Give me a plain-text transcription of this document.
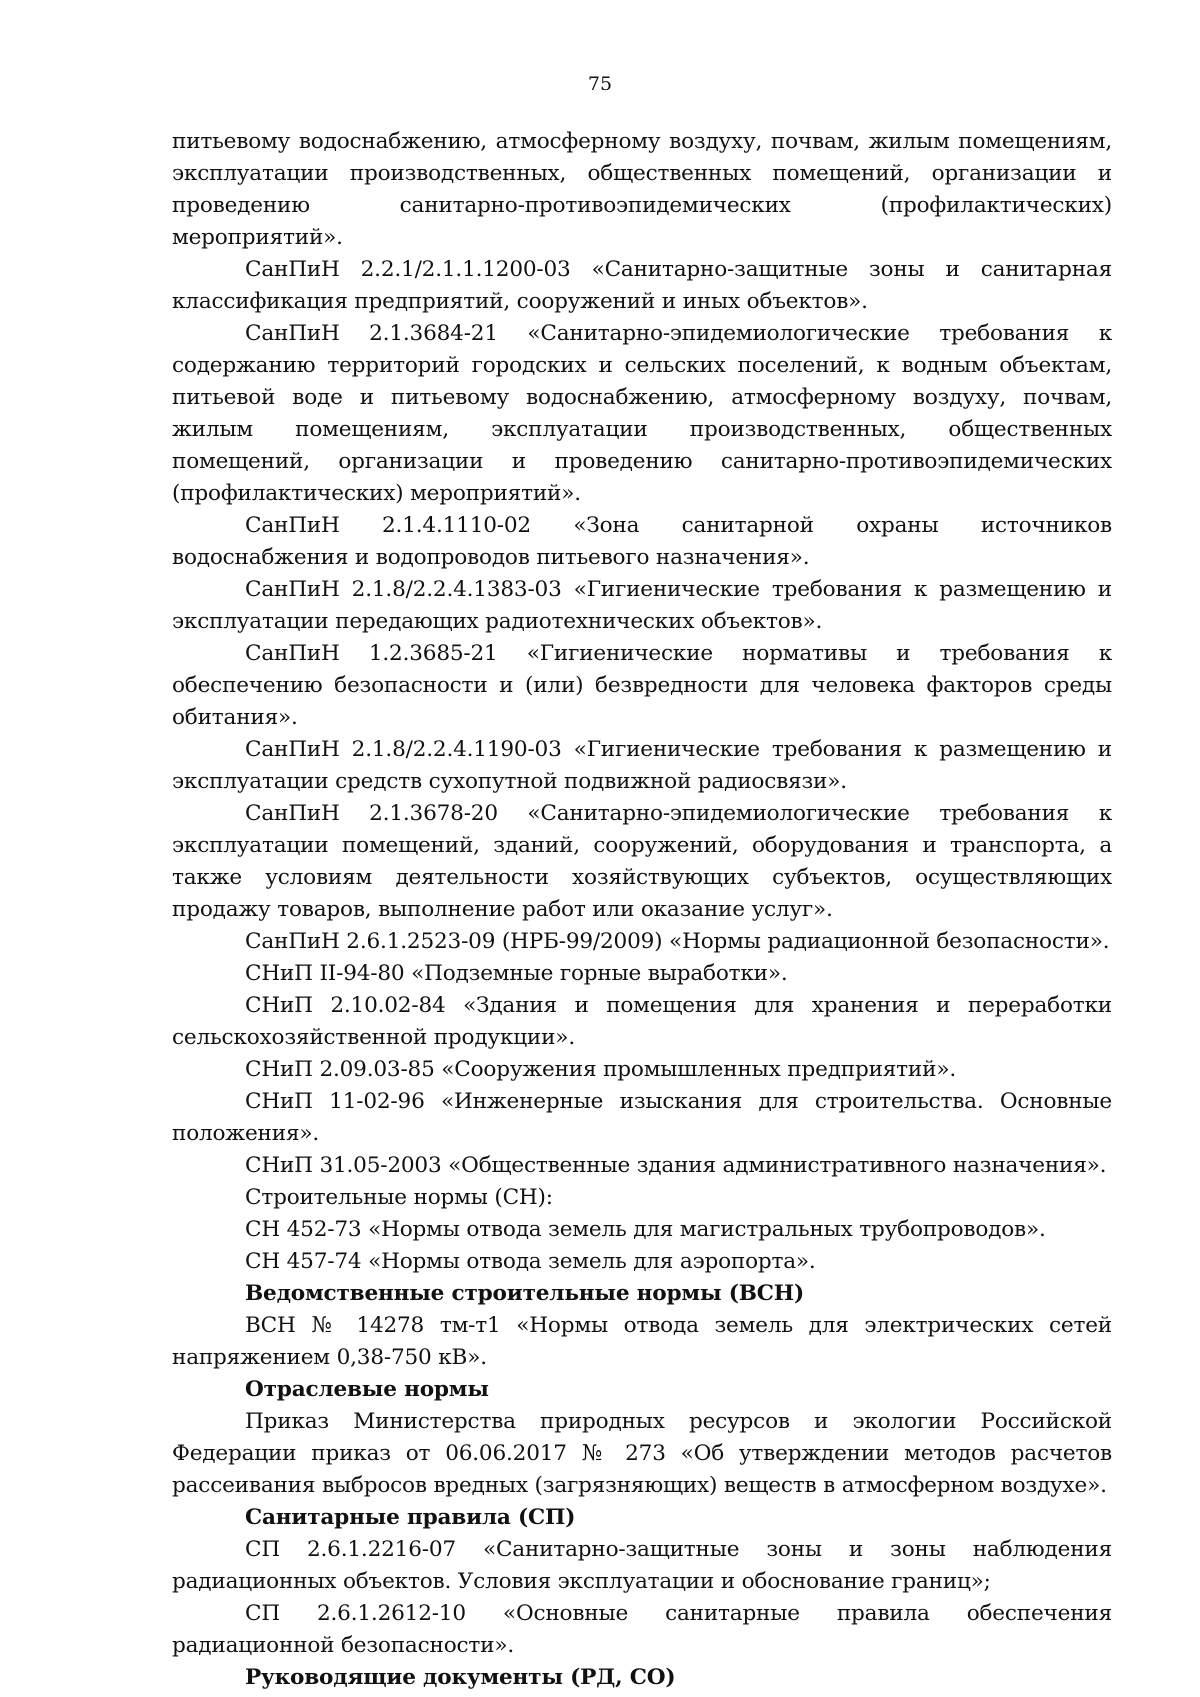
75

питьевому водоснабжению, атмосферному воздуху, почвам, жилым помещениям, эксплуатации производственных, общественных помещений, организации и проведению санитарно-противоэпидемических (профилактических) мероприятий».

СанПиН 2.2.1/2.1.1.1200-03 «Санитарно-защитные зоны и санитарная классификация предприятий, сооружений и иных объектов».

СанПиН 2.1.3684-21 «Санитарно-эпидемиологические требования к содержанию территорий городских и сельских поселений, к водным объектам, питьевой воде и питьевому водоснабжению, атмосферному воздуху, почвам, жилым помещениям, эксплуатации производственных, общественных помещений, организации и проведению санитарно-противоэпидемических (профилактических) мероприятий».

СанПиН 2.1.4.1110-02 «Зона санитарной охраны источников водоснабжения и водопроводов питьевого назначения».

СанПиН 2.1.8/2.2.4.1383-03 «Гигиенические требования к размещению и эксплуатации передающих радиотехнических объектов».

СанПиН 1.2.3685-21 «Гигиенические нормативы и требования к обеспечению безопасности и (или) безвредности для человека факторов среды обитания».

СанПиН 2.1.8/2.2.4.1190-03 «Гигиенические требования к размещению и эксплуатации средств сухопутной подвижной радиосвязи».

СанПиН 2.1.3678-20 «Санитарно-эпидемиологические требования к эксплуатации помещений, зданий, сооружений, оборудования и транспорта, а также условиям деятельности хозяйствующих субъектов, осуществляющих продажу товаров, выполнение работ или оказание услуг».

СанПиН 2.6.1.2523-09 (НРБ-99/2009) «Нормы радиационной безопасности».

СНиП II-94-80 «Подземные горные выработки».

СНиП 2.10.02-84 «Здания и помещения для хранения и переработки сельскохозяйственной продукции».

СНиП 2.09.03-85 «Сооружения промышленных предприятий».

СНиП 11-02-96 «Инженерные изыскания для строительства. Основные положения».

СНиП 31.05-2003 «Общественные здания административного назначения».

Строительные нормы (СН):

СН 452-73 «Нормы отвода земель для магистральных трубопроводов».

СН 457-74 «Нормы отвода земель для аэропорта».

Ведомственные строительные нормы (ВСН)

ВСН № 14278 тм-т1 «Нормы отвода земель для электрических сетей напряжением 0,38-750 кВ».

Отраслевые нормы

Приказ Министерства природных ресурсов и экологии Российской Федерации приказ от 06.06.2017 № 273 «Об утверждении методов расчетов рассеивания выбросов вредных (загрязняющих) веществ в атмосферном воздухе».

Санитарные правила (СП)

СП 2.6.1.2216-07 «Санитарно-защитные зоны и зоны наблюдения радиационных объектов. Условия эксплуатации и обоснование границ»;

СП 2.6.1.2612-10 «Основные санитарные правила обеспечения радиационной безопасности».

Руководящие документы (РД, СО)
